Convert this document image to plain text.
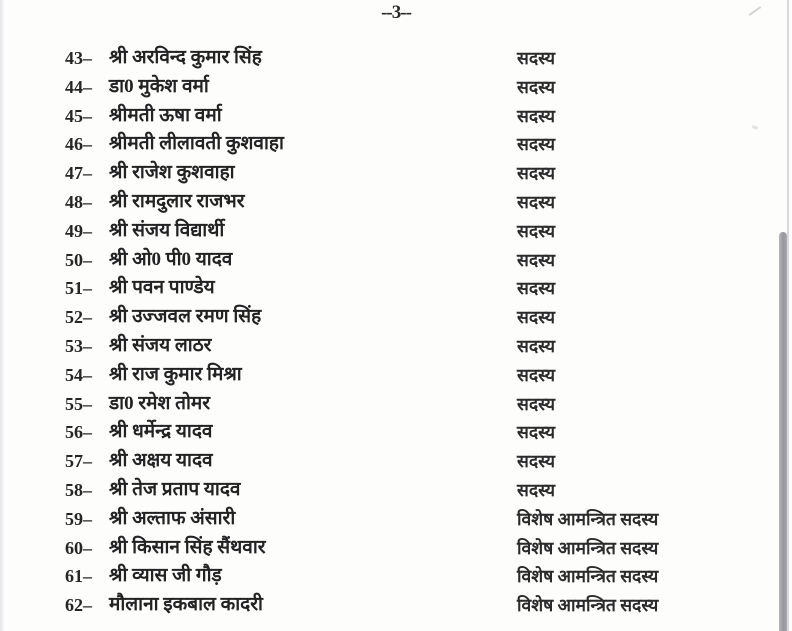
--3--
43– श्री अरविन्द कुमार सिंह	सदस्य
44– डा0 मुकेश वर्मा	सदस्य
45– श्रीमती ऊषा वर्मा	सदस्य
46– श्रीमती लीलावती कुशवाहा	सदस्य
47– श्री राजेश कुशवाहा	सदस्य
48– श्री रामदुलार राजभर	सदस्य
49– श्री संजय विद्यार्थी	सदस्य
50– श्री ओ0 पी0 यादव	सदस्य
51– श्री पवन पाण्डेय	सदस्य
52– श्री उज्जवल रमण सिंह	सदस्य
53– श्री संजय लाठर	सदस्य
54– श्री राज कुमार मिश्रा	सदस्य
55– डा0 रमेश तोमर	सदस्य
56– श्री धर्मेन्द्र यादव	सदस्य
57– श्री अक्षय यादव	सदस्य
58– श्री तेज प्रताप यादव	सदस्य
59– श्री अल्ताफ अंसारी	विशेष आमन्त्रित सदस्य
60– श्री किसान सिंह सैंथवार	विशेष आमन्त्रित सदस्य
61– श्री व्यास जी गौड़	विशेष आमन्त्रित सदस्य
62– मौलाना इकबाल कादरी	विशेष आमन्त्रित सदस्य
